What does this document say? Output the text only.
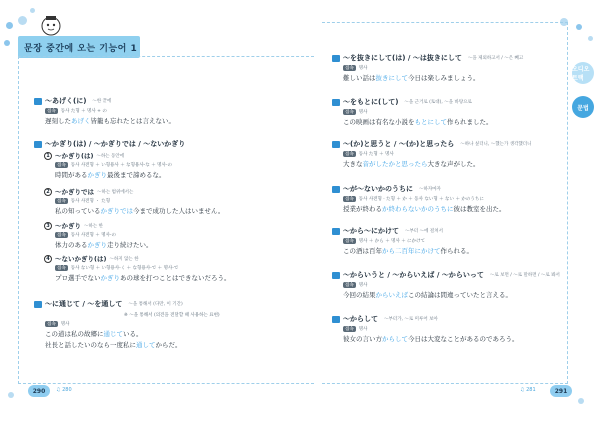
문장 중간에 오는 기능어 1
오디오 트랙
문법
〜あげく(に) 〜한 끝에
접속	동사 た형 ＋ 명사 + の
遅刻したあげく皆籠も忘れたとは言えない。
〜かぎり(は) / 〜かぎりでは / 〜ないかぎり
1 〜かぎり(は) 〜하는 동안에
접속	동사 사전형 ＋ い형용사 ＋ な형용사-な ＋ 명사-の
時間があるかぎり最後まで諦めるな。
2 〜かぎりでは 〜하는 범위에서는
접속	동사 사전형 ・ た형
私の知っているかぎりでは今まで成功した人はいません。
3 〜かぎり 〜하는 한
접속	동사 사전형 ＋ 명사-の
体力のあるかぎり走り続けたい。
4 〜ないかぎり(は) 〜하지 않는 한
접속	동사 ない형 ＋ い형용사-く ＋ な형용사-で ＋ 명사-で
プロ選手でないかぎりあの球を打つことはできないだろう。
〜に通じて / 〜を通して 〜을 통해서 (다만, 이 기간)
※ 〜을 통해서 (의견을 전달할 때 사용하는 표현)
접속	명사
この道は私の故郷に通じている。
社長と話したいのなら一度私に通してからだ。
〜を抜きにして(は) / 〜は抜きにして 〜을 제외하고서 / 〜은 빼고
접속	명사
難しい話は抜きにして今日は楽しみましょう。
〜をもとに(して) 〜을 근거로 (토대), 〜을 바탕으로
접속	명사
この映画は有名な小説をもとにして作られました。
〜(か)と思うと / 〜(か)と思ったら 〜하나 싶더니, 〜했는가 생각했더니
접속	동사 た형 ＋ 명사
大きな音がしたかと思ったら大きな声がした。
〜が〜ないかのうちに 〜하자마자
접속	동사 사전형 · た형 ＋ か ＋ 동사 ない형 ＋ ない ＋ かのうちに
授業が終わるか終わらないかのうちに彼は教室を出た。
〜から〜にかけて 〜부터 〜에 걸쳐서
접속	명사 ＋ から ＋ 명사 ＋ にかけて
この酒は百年から二百年にかけて作られる。
〜からいうと / 〜からいえば / 〜からいって 〜로 보면 / 〜로 말하면 / 〜로 봐서
접속	명사
今回の結果からいえばこの結論は間違っていたと言える。
〜からして 〜부터가, 〜로 미루어 보아
접속	명사
彼女の言い方からして今日は大変なことがあるのであろう。
290	♫ 280	♫ 281	291
